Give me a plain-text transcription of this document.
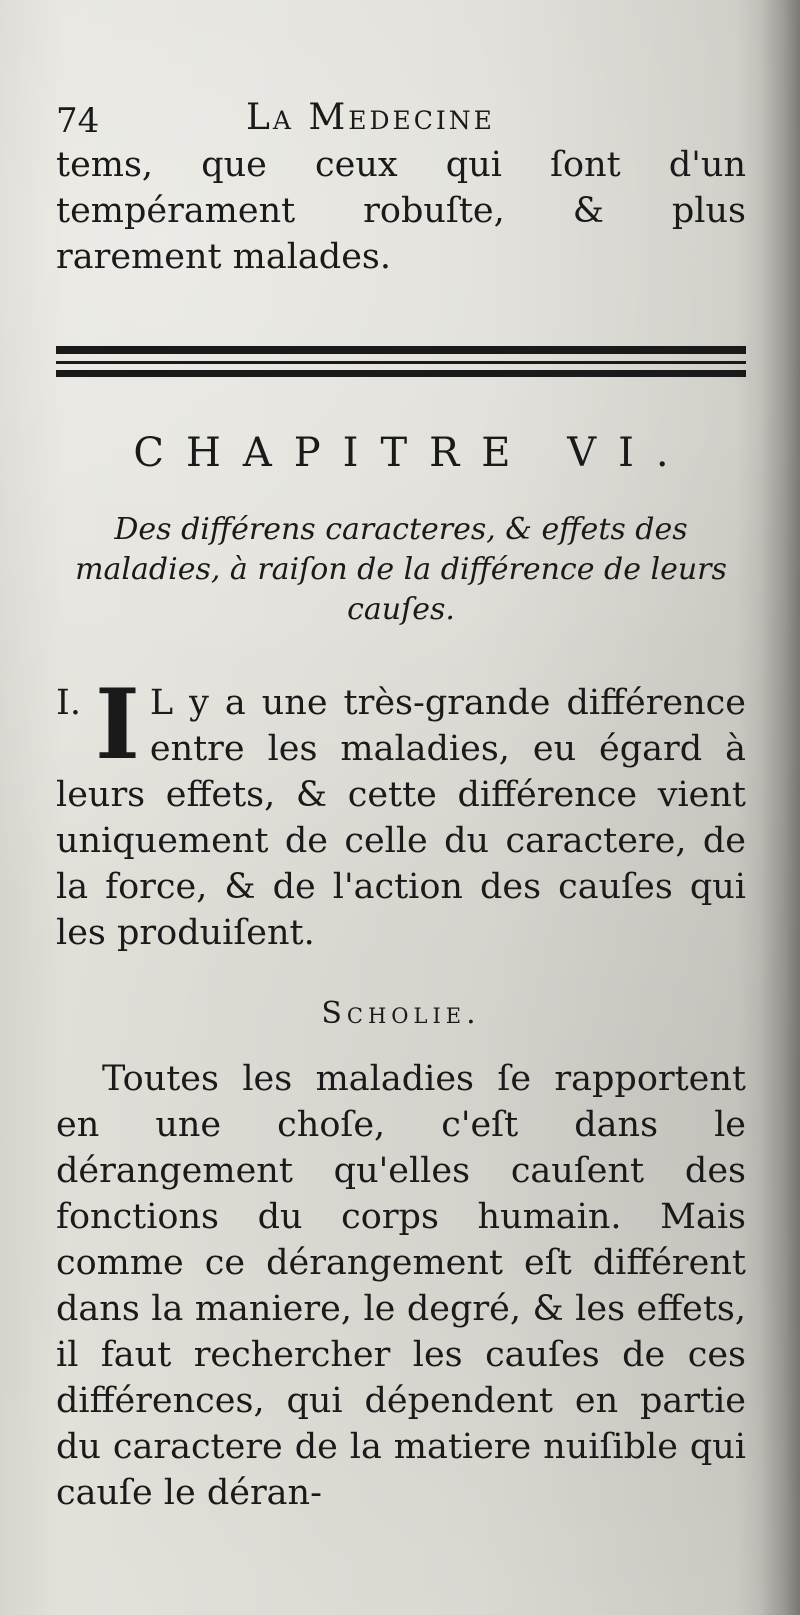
74	La Medecine

tems, que ceux qui ſont d'un tempérament robuſte, & plus rarement malades.

CHAPITRE VI.
Des différens caracteres, & effets des maladies, à raiſon de la différence de leurs cauſes.

I. I L y a une très-grande différence entre les maladies, eu égard à leurs effets, & cette différence vient uniquement de celle du caractere, de la force, & de l'action des cauſes qui les produiſent.

Scholie.

Toutes les maladies ſe rapportent en une choſe, c'eſt dans le dérangement qu'elles cauſent des fonctions du corps humain. Mais comme ce dérangement eſt différent dans la maniere, le degré, & les effets, il faut rechercher les cauſes de ces différences, qui dépendent en partie du caractere de la matiere nuiſible qui cauſe le déran-
